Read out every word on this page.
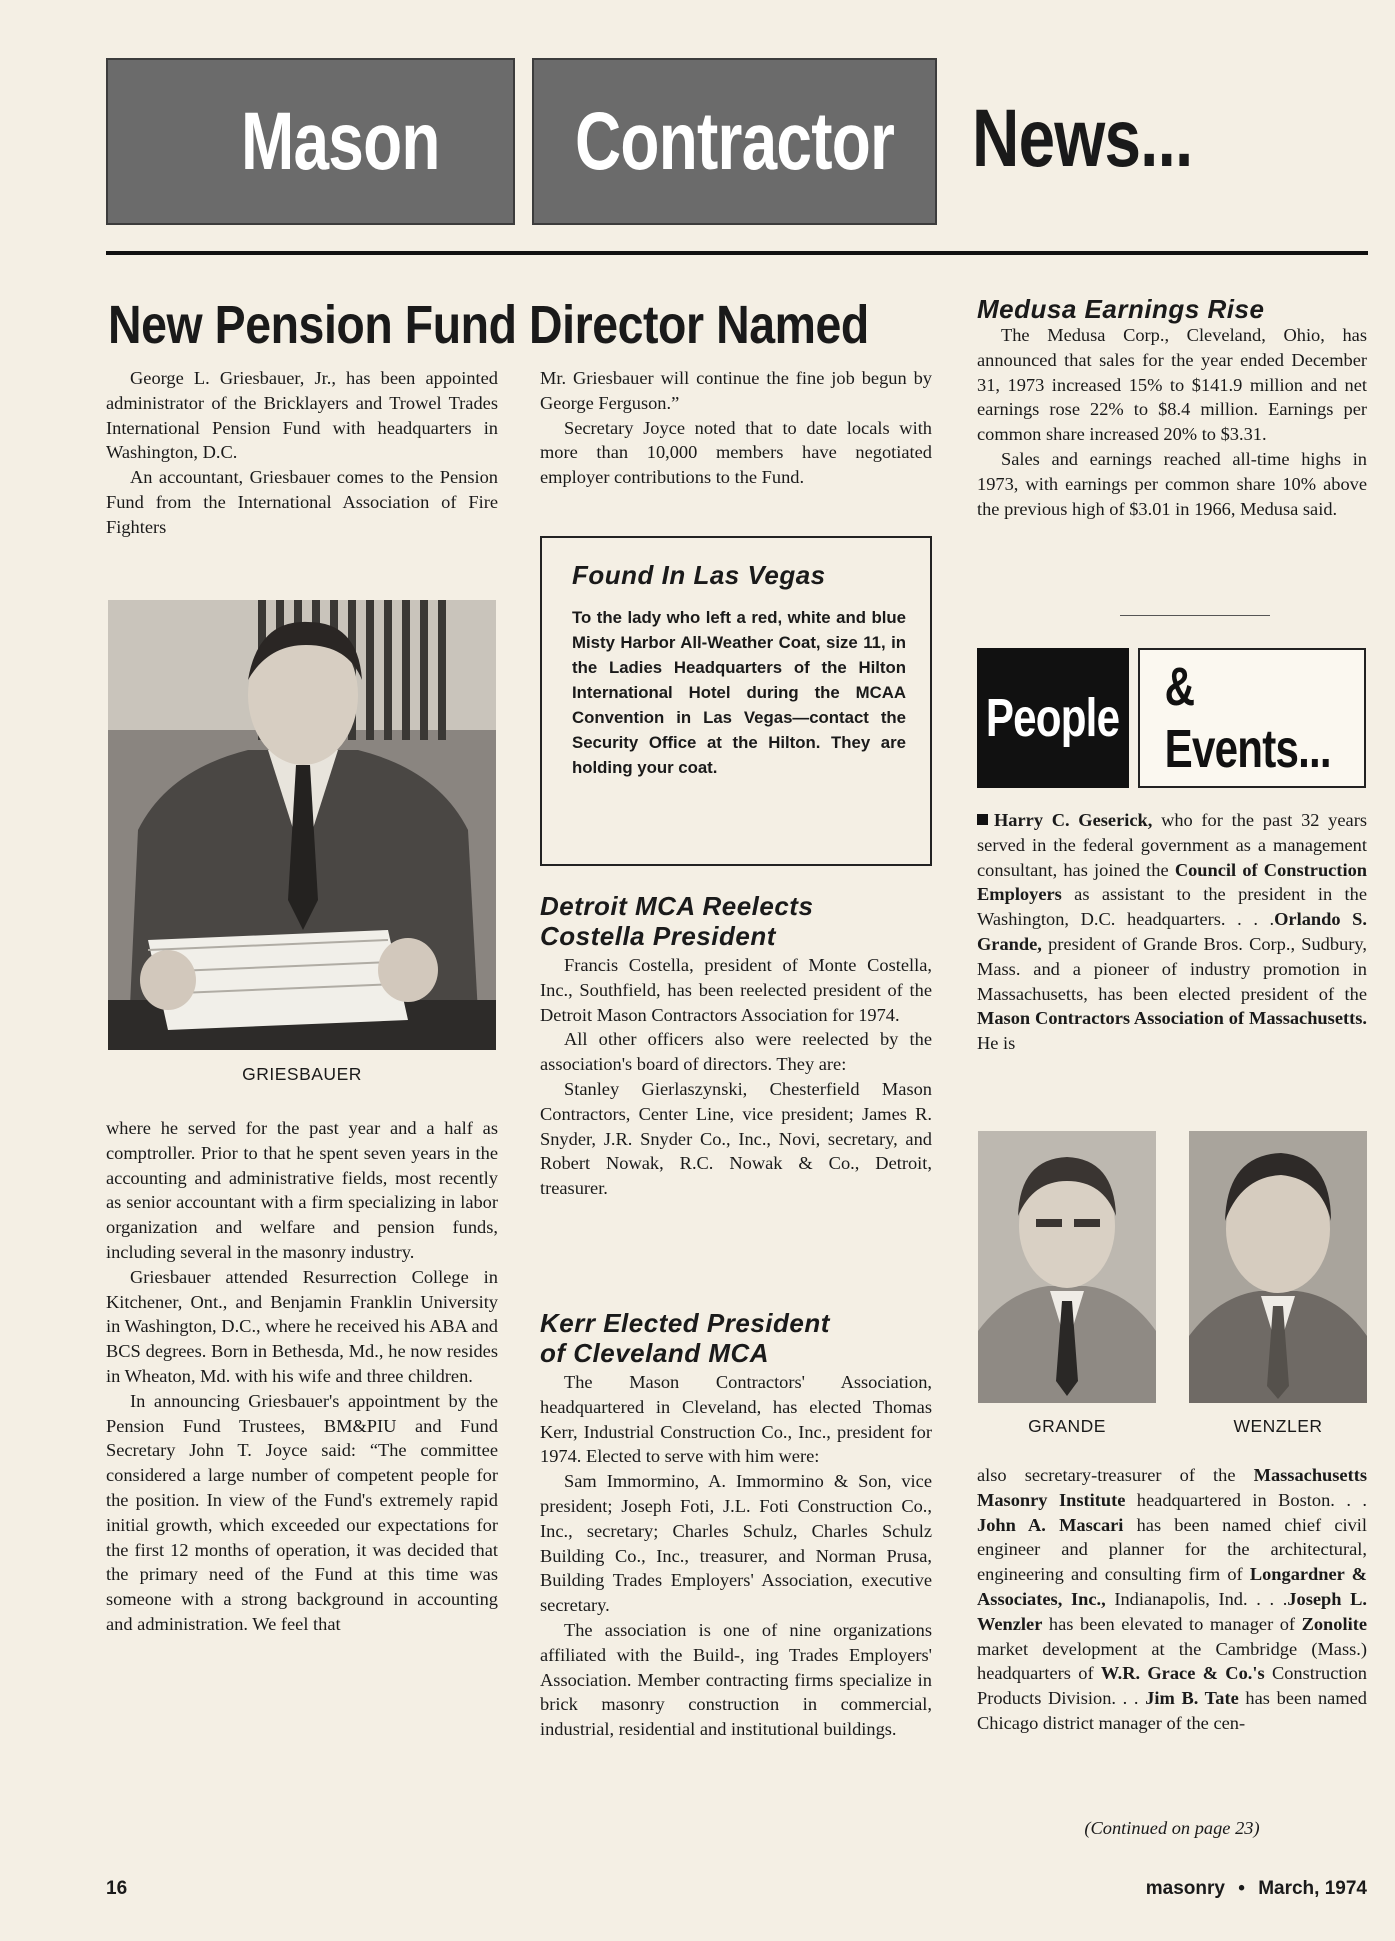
Mason Contractor News...
New Pension Fund Director Named

George L. Griesbauer, Jr., has been appointed administrator of the Bricklayers and Trowel Trades International Pension Fund with headquarters in Washington, D.C.

An accountant, Griesbauer comes to the Pension Fund from the International Association of Fire Fighters

GRIESBAUER

where he served for the past year and a half as comptroller. Prior to that he spent seven years in the accounting and administrative fields, most recently as senior accountant with a firm specializing in labor organization and welfare and pension funds, including several in the masonry industry.

Griesbauer attended Resurrection College in Kitchener, Ont., and Benjamin Franklin University in Washington, D.C., where he received his ABA and BCS degrees. Born in Bethesda, Md., he now resides in Wheaton, Md. with his wife and three children.

In announcing Griesbauer's appointment by the Pension Fund Trustees, BM&PIU and Fund Secretary John T. Joyce said: “The committee considered a large number of competent people for the position. In view of the Fund's extremely rapid initial growth, which exceeded our expectations for the first 12 months of operation, it was decided that the primary need of the Fund at this time was someone with a strong background in accounting and administration. We feel that

Mr. Griesbauer will continue the fine job begun by George Ferguson.”

Secretary Joyce noted that to date locals with more than 10,000 members have negotiated employer contributions to the Fund.

Found In Las Vegas
To the lady who left a red, white and blue Misty Harbor All-Weather Coat, size 11, in the Ladies Headquarters of the Hilton International Hotel during the MCAA Convention in Las Vegas—contact the Security Office at the Hilton. They are holding your coat.
Detroit MCA Reelects
Costella President

Francis Costella, president of Monte Costella, Inc., Southfield, has been reelected president of the Detroit Mason Contractors Association for 1974.

All other officers also were reelected by the association's board of directors. They are:

Stanley Gierlaszynski, Chesterfield Mason Contractors, Center Line, vice president; James R. Snyder, J.R. Snyder Co., Inc., Novi, secretary, and Robert Nowak, R.C. Nowak & Co., Detroit, treasurer.

Kerr Elected President
of Cleveland MCA

The Mason Contractors' Association, headquartered in Cleveland, has elected Thomas Kerr, Industrial Construction Co., Inc., president for 1974. Elected to serve with him were:

Sam Immormino, A. Immormino & Son, vice president; Joseph Foti, J.L. Foti Construction Co., Inc., secretary; Charles Schulz, Charles Schulz Building Co., Inc., treasurer, and Norman Prusa, Building Trades Employers' Association, executive secretary.

The association is one of nine organizations affiliated with the Build-, ing Trades Employers' Association. Member contracting firms specialize in brick masonry construction in commercial, industrial, residential and institutional buildings.

Medusa Earnings Rise

The Medusa Corp., Cleveland, Ohio, has announced that sales for the year ended December 31, 1973 increased 15% to $141.9 million and net earnings rose 22% to $8.4 million. Earnings per common share increased 20% to $3.31.

Sales and earnings reached all-time highs in 1973, with earnings per common share 10% above the previous high of $3.01 in 1966, Medusa said.

People
& Events...

Harry C. Geserick, who for the past 32 years served in the federal government as a management consultant, has joined the Council of Construction Employers as assistant to the president in the Washington, D.C. headquarters. . . .Orlando S. Grande, president of Grande Bros. Corp., Sudbury, Mass. and a pioneer of industry promotion in Massachusetts, has been elected president of the Mason Contractors Association of Massachusetts. He is

GRANDE	WENZLER

also secretary-treasurer of the Massachusetts Masonry Institute headquartered in Boston. . . John A. Mascari has been named chief civil engineer and planner for the architectural, engineering and consulting firm of Longardner & Associates, Inc., Indianapolis, Ind. . . .Joseph L. Wenzler has been elevated to manager of Zonolite market development at the Cambridge (Mass.) headquarters of W.R. Grace & Co.'s Construction Products Division. . . Jim B. Tate has been named Chicago district manager of the cen-

(Continued on page 23)
16	masonry • March, 1974
